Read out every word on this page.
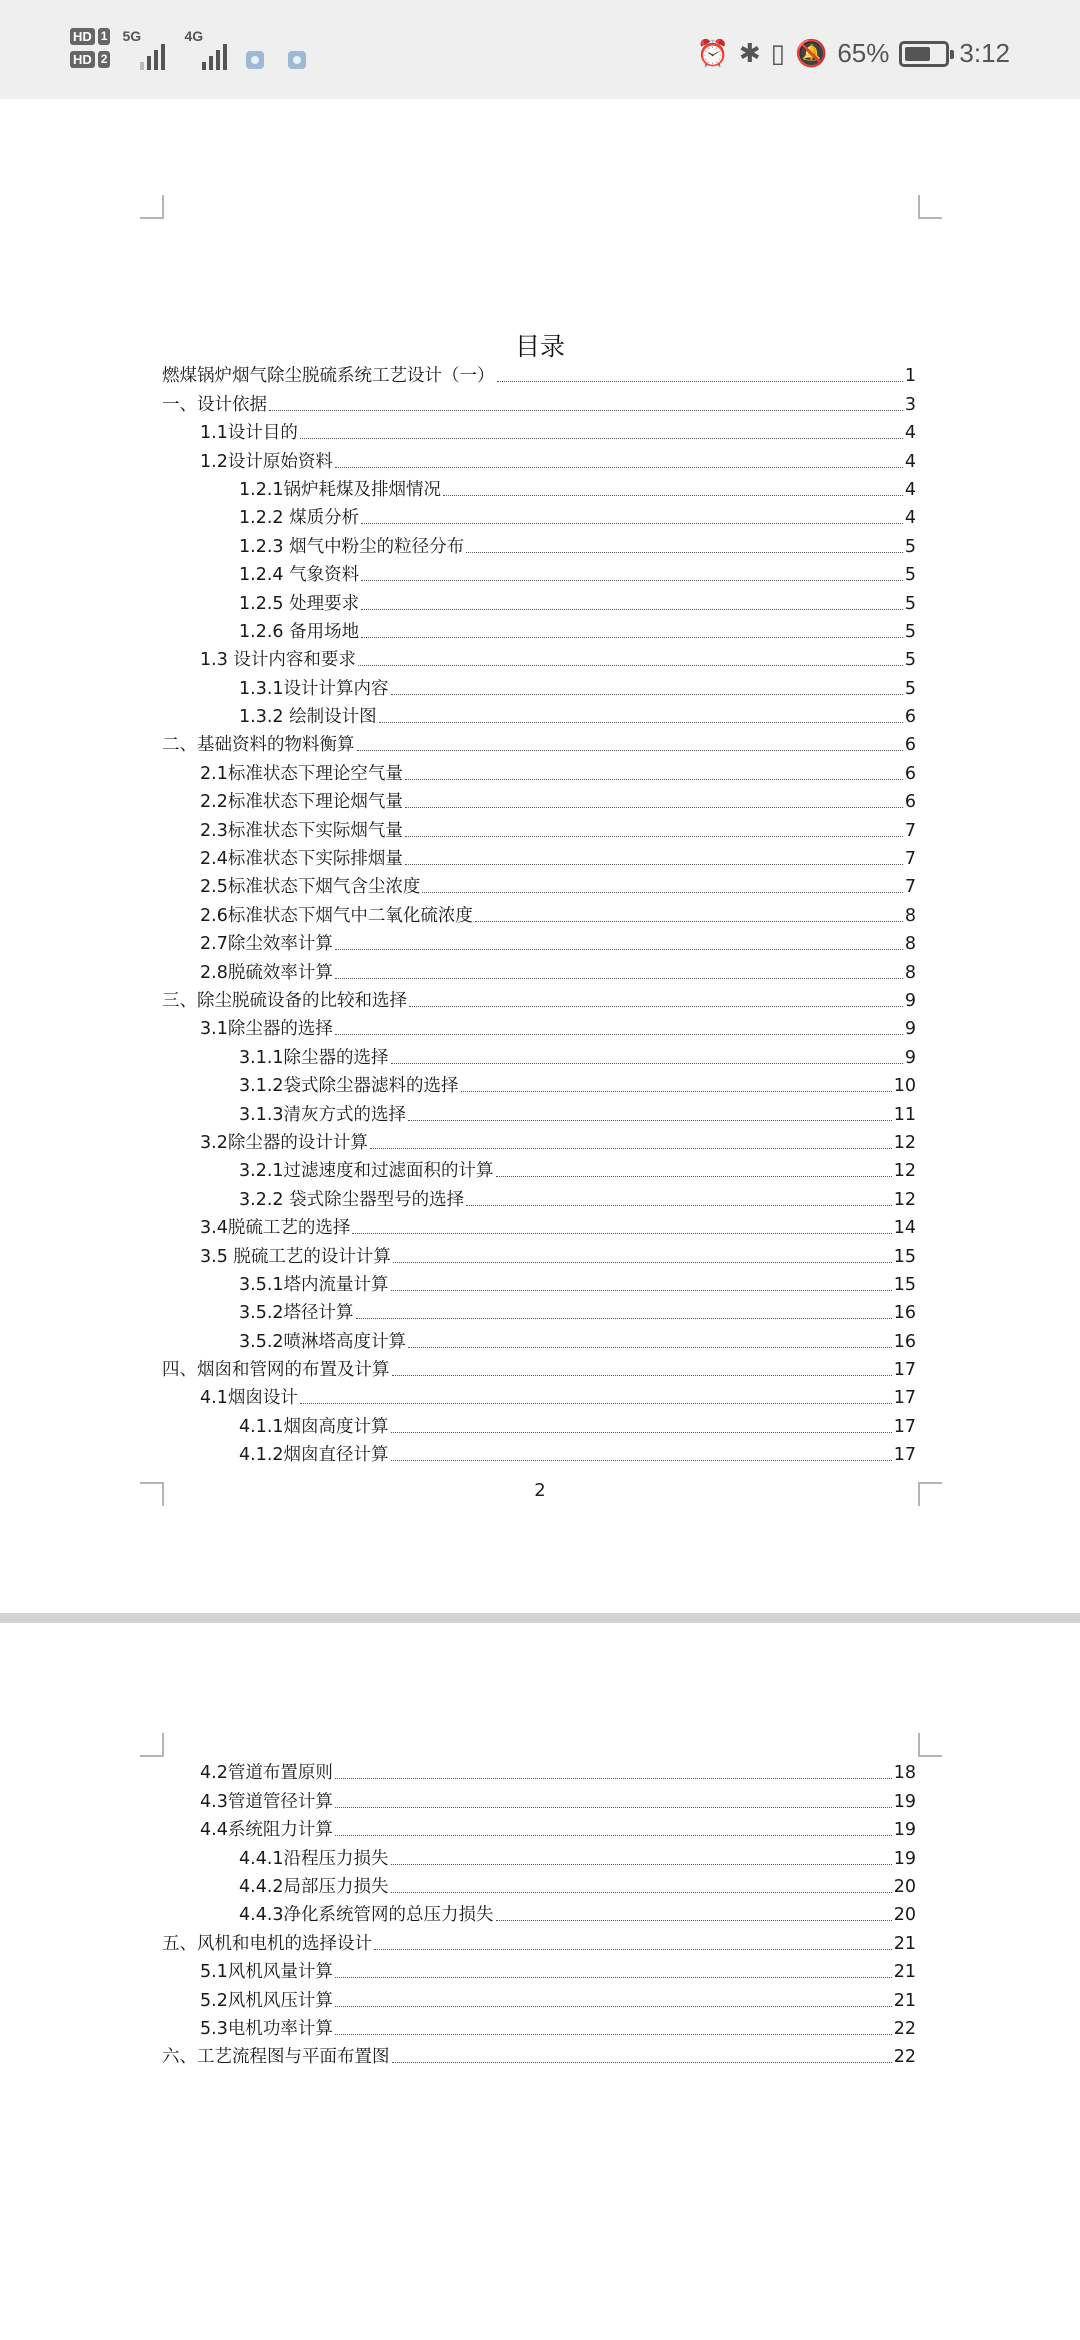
HD 1
HD 2
5G	4G
⏰ ✱ ▯ 🔕 65%	3:12
目录
燃煤锅炉烟气除尘脱硫系统工艺设计（一）	1
一、设计依据	3
1.1设计目的	4
1.2设计原始资料	4
1.2.1锅炉耗煤及排烟情况	4
1.2.2 煤质分析	4
1.2.3 烟气中粉尘的粒径分布	5
1.2.4 气象资料	5
1.2.5 处理要求	5
1.2.6 备用场地	5
1.3 设计内容和要求	5
1.3.1设计计算内容	5
1.3.2 绘制设计图	6
二、基础资料的物料衡算	6
2.1标准状态下理论空气量	6
2.2标准状态下理论烟气量	6
2.3标准状态下实际烟气量	7
2.4标准状态下实际排烟量	7
2.5标准状态下烟气含尘浓度	7
2.6标准状态下烟气中二氧化硫浓度	8
2.7除尘效率计算	8
2.8脱硫效率计算	8
三、除尘脱硫设备的比较和选择	9
3.1除尘器的选择	9
3.1.1除尘器的选择	9
3.1.2袋式除尘器滤料的选择	10
3.1.3清灰方式的选择	11
3.2除尘器的设计计算	12
3.2.1过滤速度和过滤面积的计算	12
3.2.2 袋式除尘器型号的选择	12
3.4脱硫工艺的选择	14
3.5 脱硫工艺的设计计算	15
3.5.1塔内流量计算	15
3.5.2塔径计算	16
3.5.2喷淋塔高度计算	16
四、烟囱和管网的布置及计算	17
4.1烟囱设计	17
4.1.1烟囱高度计算	17
4.1.2烟囱直径计算	17
2
4.2管道布置原则	18
4.3管道管径计算	19
4.4系统阻力计算	19
4.4.1沿程压力损失	19
4.4.2局部压力损失	20
4.4.3净化系统管网的总压力损失	20
五、风机和电机的选择设计	21
5.1风机风量计算	21
5.2风机风压计算	21
5.3电机功率计算	22
六、工艺流程图与平面布置图	22
